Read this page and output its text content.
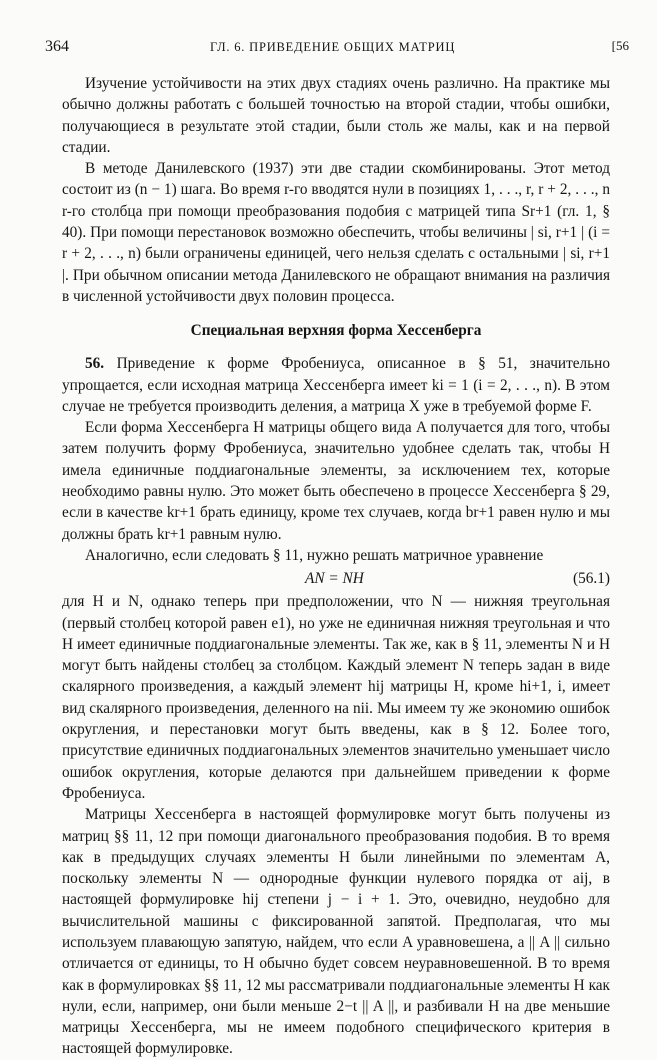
364	ГЛ. 6. ПРИВЕДЕНИЕ ОБЩИХ МАТРИЦ	[56

Изучение устойчивости на этих двух стадиях очень различно. На практике мы обычно должны работать с большей точностью на второй стадии, чтобы ошибки, получающиеся в результате этой стадии, были столь же малы, как и на первой стадии.

В методе Данилевского (1937) эти две стадии скомбинированы. Этот метод состоит из (n − 1) шага. Во время r-го вводятся нули в позициях 1, . . ., r, r + 2, . . ., n r-го столбца при помощи преобразования подобия с матрицей типа Sr+1 (гл. 1, § 40). При помощи перестановок возможно обеспечить, чтобы величины | si, r+1 | (i = r + 2, . . ., n) были ограничены единицей, чего нельзя сделать с остальными | si, r+1 |. При обычном описании метода Данилевского не обращают внимания на различия в численной устойчивости двух половин процесса.

Специальная верхняя форма Хессенберга

56. Приведение к форме Фробениуса, описанное в § 51, значительно упрощается, если исходная матрица Хессенберга имеет ki = 1 (i = 2, . . ., n). В этом случае не требуется производить деления, а матрица X уже в требуемой форме F.

Если форма Хессенберга H матрицы общего вида A получается для того, чтобы затем получить форму Фробениуса, значительно удобнее сделать так, чтобы H имела единичные поддиагональные элементы, за исключением тех, которые необходимо равны нулю. Это может быть обеспечено в процессе Хессенберга § 29, если в качестве kr+1 брать единицу, кроме тех случаев, когда br+1 равен нулю и мы должны брать kr+1 равным нулю.

Аналогично, если следовать § 11, нужно решать матричное уравнение

AN = NH	(56.1)

для H и N, однако теперь при предположении, что N — нижняя треугольная (первый столбец которой равен e1), но уже не единичная нижняя треугольная и что H имеет единичные поддиагональные элементы. Так же, как в § 11, элементы N и H могут быть найдены столбец за столбцом. Каждый элемент N теперь задан в виде скалярного произведения, а каждый элемент hij матрицы H, кроме hi+1, i, имеет вид скалярного произведения, деленного на nii. Мы имеем ту же экономию ошибок округления, и перестановки могут быть введены, как в § 12. Более того, присутствие единичных поддиагональных элементов значительно уменьшает число ошибок округления, которые делаются при дальнейшем приведении к форме Фробениуса.

Матрицы Хессенберга в настоящей формулировке могут быть получены из матриц §§ 11, 12 при помощи диагонального преобразования подобия. В то время как в предыдущих случаях элементы H были линейными по элементам A, поскольку элементы N — однородные функции нулевого порядка от aij, в настоящей формулировке hij степени j − i + 1. Это, очевидно, неудобно для вычислительной машины с фиксированной запятой. Предполагая, что мы используем плавающую запятую, найдем, что если A уравновешена, а || A || сильно отличается от единицы, то H обычно будет совсем неуравновешенной. В то время как в формулировках §§ 11, 12 мы рассматривали поддиагональные элементы H как нули, если, например, они были меньше 2−t || A ||, и разбивали H на две меньшие матрицы Хессенберга, мы не имеем подобного специфического критерия в настоящей формулировке.
